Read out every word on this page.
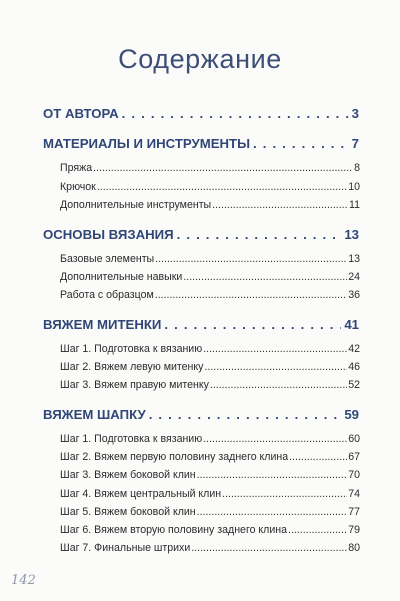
Содержание
ОТ АВТОРА . . .	3
МАТЕРИАЛЫ И ИНСТРУМЕНТЫ . . .	7
Пряжа .....	8
Крючок .....	10
Дополнительные инструменты .....	11
ОСНОВЫ ВЯЗАНИЯ . . .	13
Базовые элементы .....	13
Дополнительные навыки .....	24
Работа с образцом .....	36
ВЯЖЕМ МИТЕНКИ . . .	41
Шаг 1. Подготовка к вязанию .....	42
Шаг 2. Вяжем левую митенку .....	46
Шаг 3. Вяжем правую митенку .....	52
ВЯЖЕМ ШАПКУ . . .	59
Шаг 1. Подготовка к вязанию .....	60
Шаг 2. Вяжем первую половину заднего клина .....	67
Шаг 3. Вяжем боковой клин .....	70
Шаг 4. Вяжем центральный клин .....	74
Шаг 5. Вяжем боковой клин .....	77
Шаг 6. Вяжем вторую половину заднего клина .....	79
Шаг 7. Финальные штрихи .....	80
142
